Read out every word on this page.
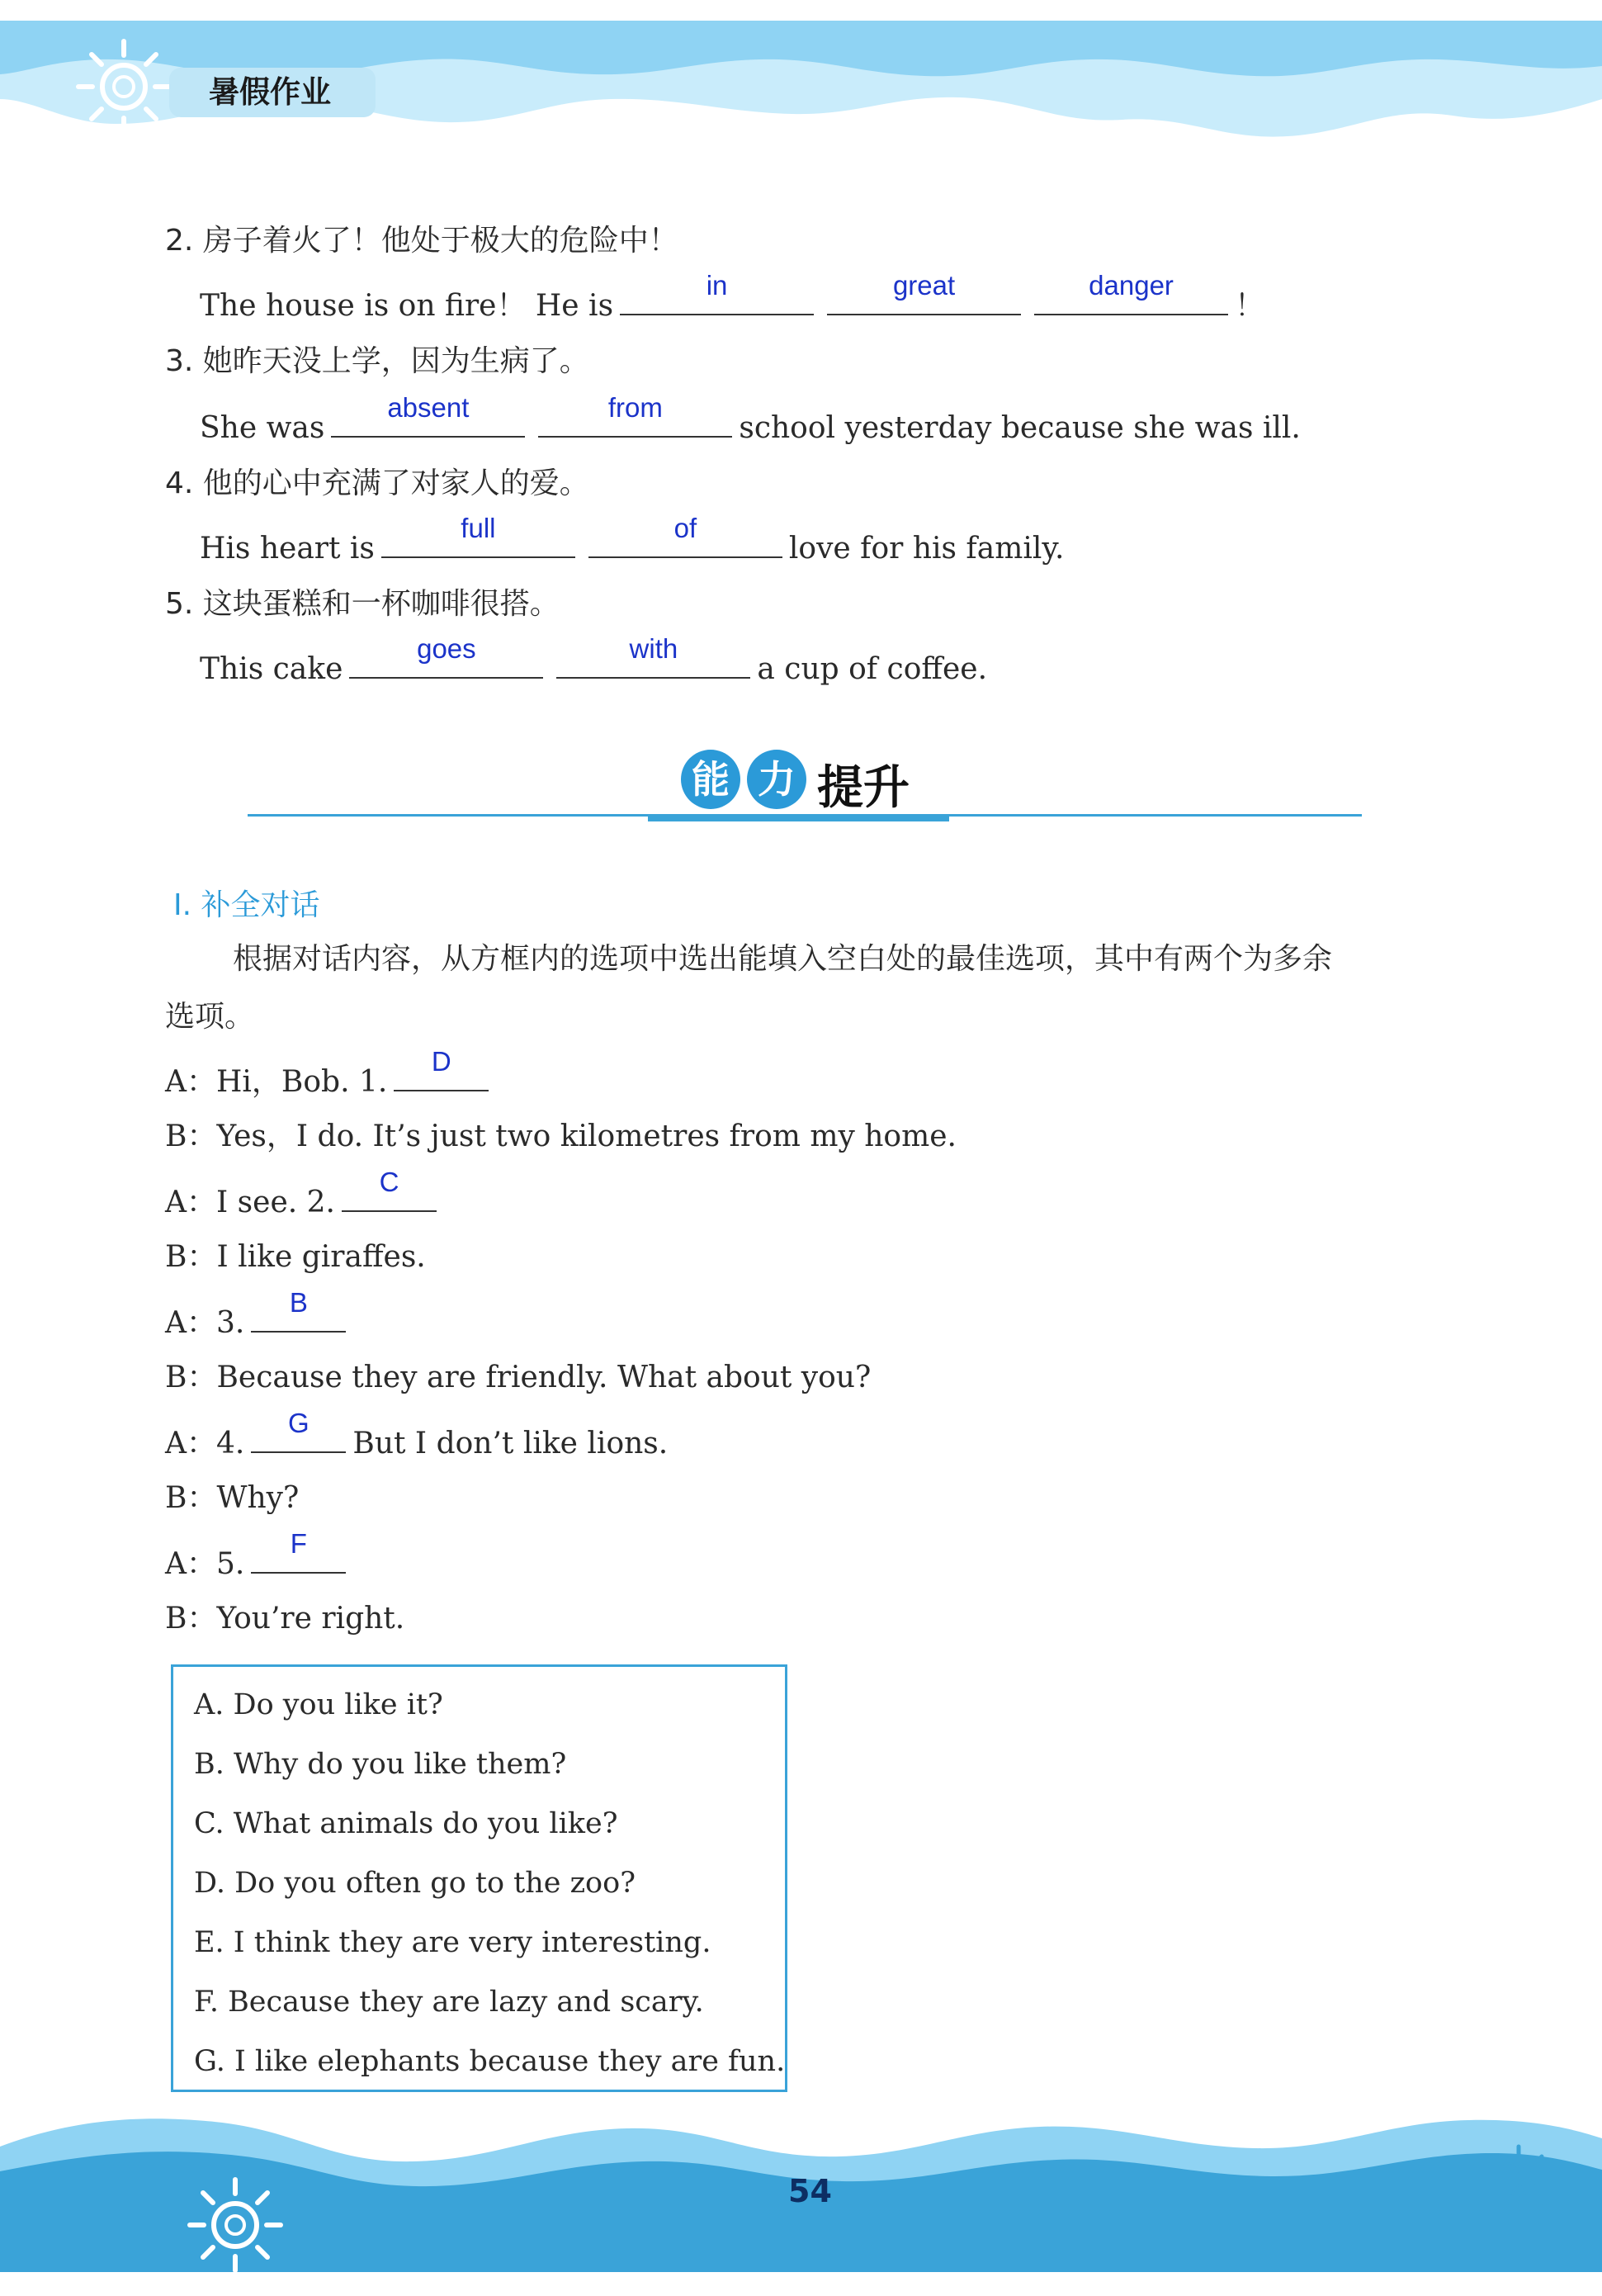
暑假作业
2. 房子着火了！他处于极大的危险中！
The house is on fire！ He is
in	great	danger
！
3. 她昨天没上学，因为生病了。
She was
absent	from
school yesterday because she was ill.
4. 他的心中充满了对家人的爱。
His heart is
full	of
love for his family.
5. 这块蛋糕和一杯咖啡很搭。
This cake
goes	with
a cup of coffee.
能 力 提升
Ⅰ. 补全对话
根据对话内容，从方框内的选项中选出能填入空白处的最佳选项，其中有两个为多余
选项。
A：Hi，Bob. 1.
D
B：Yes，I do. It’s just two kilometres from my home.
A：I see. 2.
C
B：I like giraffes.
A：3.
B
B：Because they are friendly. What about you?
A：4.
G
But I don’t like lions.
B：Why?
A：5.
F
B：You’re right.
A. Do you like it?
B. Why do you like them?
C. What animals do you like?
D. Do you often go to the zoo?
E. I think they are very interesting.
F. Because they are lazy and scary.
G. I like elephants because they are fun.
54
